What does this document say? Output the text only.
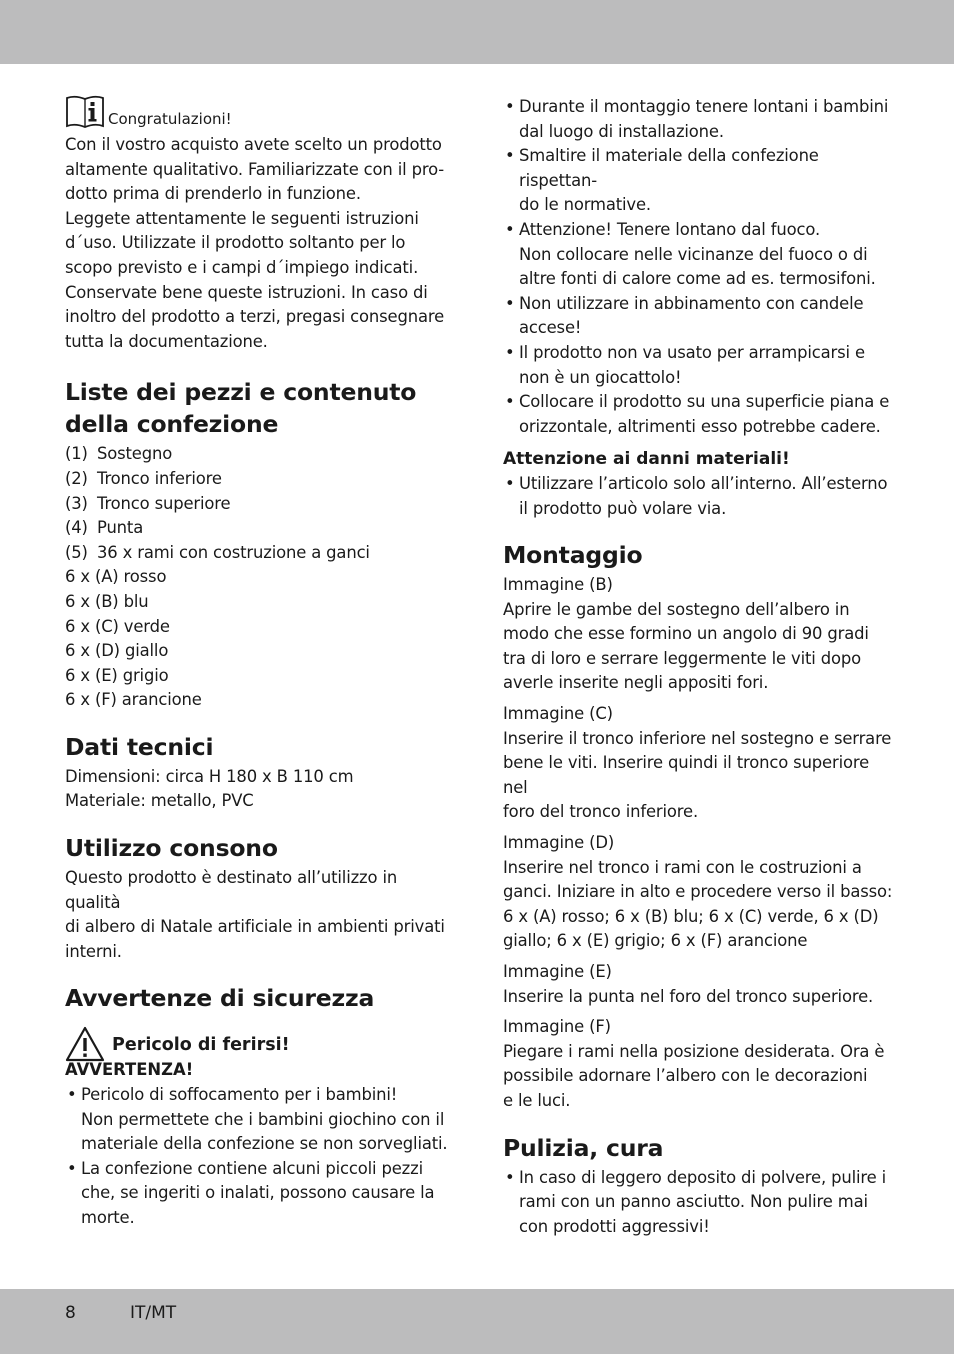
Congratulazioni!
Con il vostro acquisto avete scelto un prodotto
altamente qualitativo. Familiarizzate con il pro-
dotto prima di prenderlo in funzione.
Leggete attentamente le seguenti istruzioni
d´uso. Utilizzate il prodotto soltanto per lo
scopo previsto e i campi d´impiego indicati.
Conservate bene queste istruzioni. In caso di
inoltro del prodotto a terzi, pregasi consegnare
tutta la documentazione.
Liste dei pezzi e contenuto
della confezione
(1) Sostegno
(2) Tronco inferiore
(3) Tronco superiore
(4) Punta
(5) 36 x rami con costruzione a ganci
6 x (A) rosso
6 x (B) blu
6 x (C) verde
6 x (D) giallo
6 x (E) grigio
6 x (F) arancione
Dati tecnici
Dimensioni: circa H 180 x B 110 cm
Materiale: metallo, PVC
Utilizzo consono
Questo prodotto è destinato all’utilizzo in qualità
di albero di Natale artificiale in ambienti privati
interni.
Avvertenze di sicurezza
Pericolo di ferirsi!
AVVERTENZA!
• Pericolo di soffocamento per i bambini!
Non permettete che i bambini giochino con il
materiale della confezione se non sorvegliati.
• La confezione contiene alcuni piccoli pezzi
che, se ingeriti o inalati, possono causare la
morte.
• Durante il montaggio tenere lontani i bambini
dal luogo di installazione.
• Smaltire il materiale della confezione rispettan-
do le normative.
• Attenzione! Tenere lontano dal fuoco.
Non collocare nelle vicinanze del fuoco o di
altre fonti di calore come ad es. termosifoni.
• Non utilizzare in abbinamento con candele
accese!
• Il prodotto non va usato per arrampicarsi e
non è un giocattolo!
• Collocare il prodotto su una superficie piana e
orizzontale, altrimenti esso potrebbe cadere.
Attenzione ai danni materiali!
• Utilizzare l’articolo solo all’interno. All’esterno
il prodotto può volare via.
Montaggio
Immagine (B)
Aprire le gambe del sostegno dell’albero in
modo che esse formino un angolo di 90 gradi
tra di loro e serrare leggermente le viti dopo
averle inserite negli appositi fori.
Immagine (C)
Inserire il tronco inferiore nel sostegno e serrare
bene le viti. Inserire quindi il tronco superiore nel
foro del tronco inferiore.
Immagine (D)
Inserire nel tronco i rami con le costruzioni a
ganci. Iniziare in alto e procedere verso il basso:
6 x (A) rosso; 6 x (B) blu; 6 x (C) verde, 6 x (D)
giallo; 6 x (E) grigio; 6 x (F) arancione
Immagine (E)
Inserire la punta nel foro del tronco superiore.
Immagine (F)
Piegare i rami nella posizione desiderata. Ora è
possibile adornare l’albero con le decorazioni
e le luci.
Pulizia, cura
• In caso di leggero deposito di polvere, pulire i
rami con un panno asciutto. Non pulire mai
con prodotti aggressivi!
8	IT/MT
